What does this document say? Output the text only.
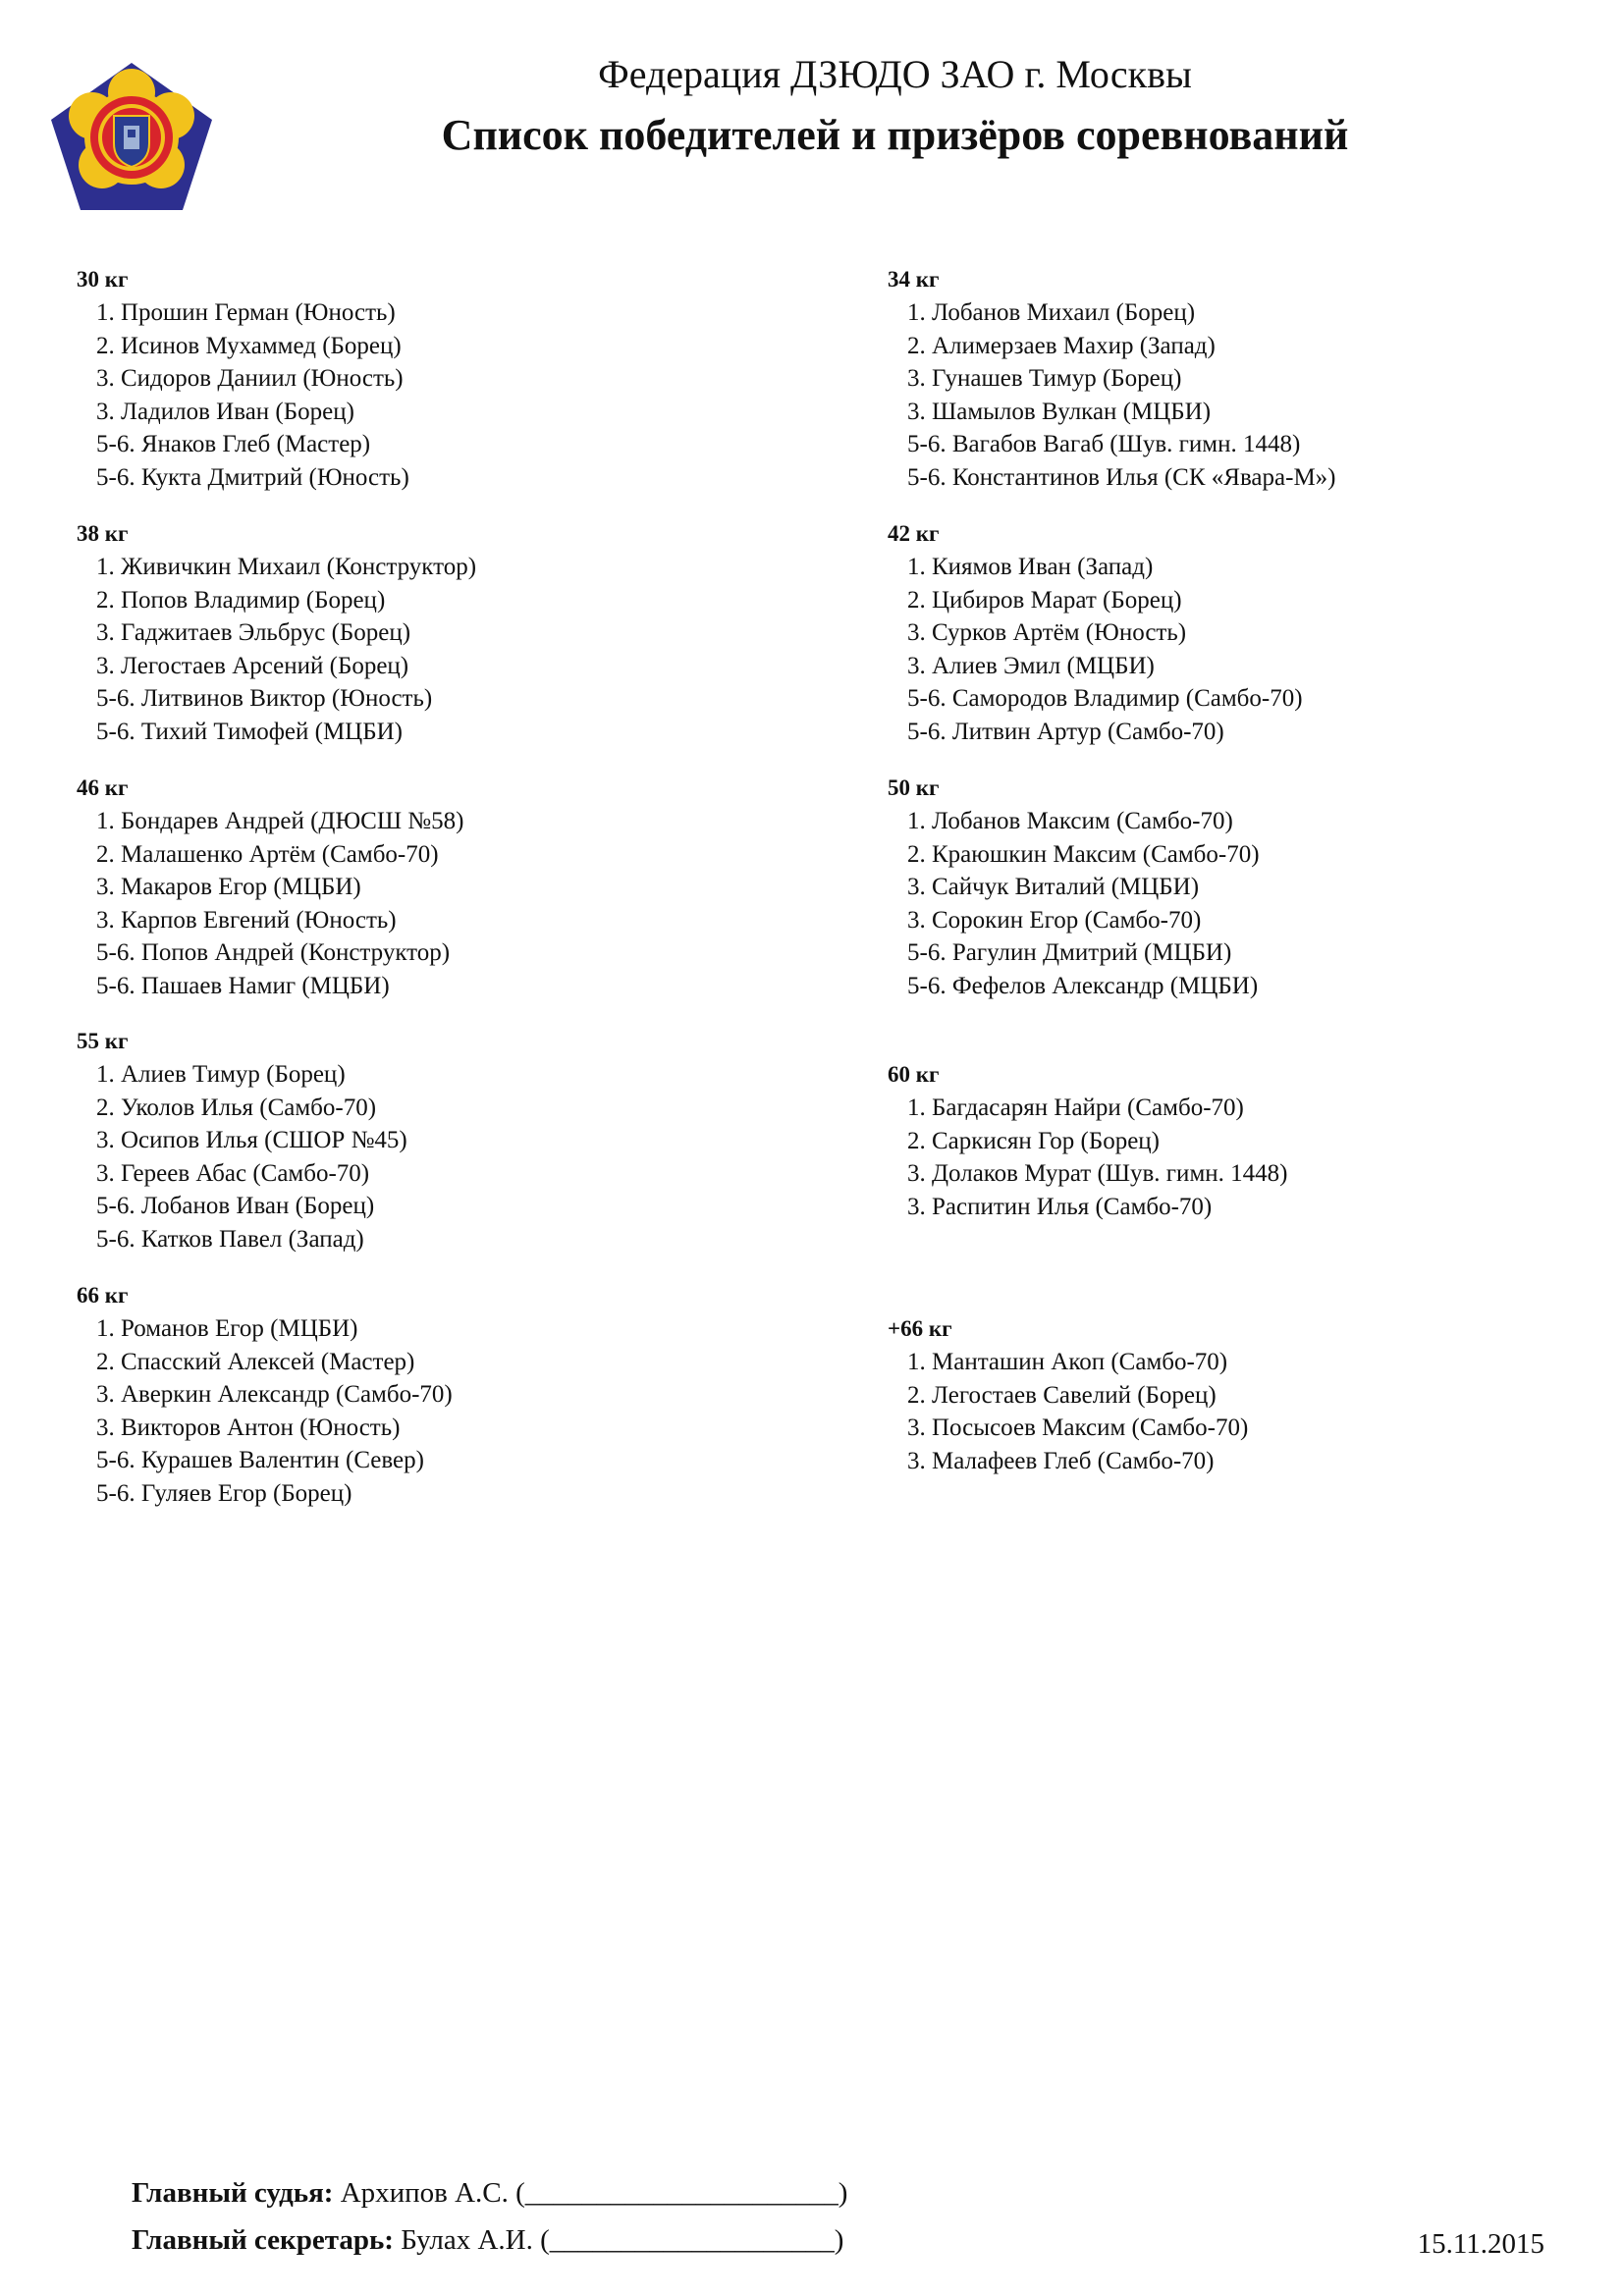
Федерация ДЗЮДО ЗАО г. Москвы
Список победителей и призёров соревнований
30 кг
1. Прошин Герман (Юность)
2. Исинов Мухаммед (Борец)
3. Сидоров Даниил (Юность)
3. Ладилов Иван (Борец)
5-6. Янаков Глеб (Мастер)
5-6. Кукта Дмитрий (Юность)
34 кг
1. Лобанов Михаил (Борец)
2. Алимерзаев Махир (Запад)
3. Гунашев Тимур (Борец)
3. Шамылов Вулкан (МЦБИ)
5-6. Вагабов Вагаб (Шув. гимн. 1448)
5-6. Константинов Илья (СК «Явара-М»)
38 кг
1. Живичкин Михаил (Конструктор)
2. Попов Владимир (Борец)
3. Гаджитаев Эльбрус (Борец)
3. Легостаев Арсений (Борец)
5-6. Литвинов Виктор (Юность)
5-6. Тихий Тимофей (МЦБИ)
42 кг
1. Киямов Иван (Запад)
2. Цибиров Марат (Борец)
3. Сурков Артём (Юность)
3. Алиев Эмил (МЦБИ)
5-6. Самородов Владимир (Самбо-70)
5-6. Литвин Артур (Самбо-70)
46 кг
1. Бондарев Андрей (ДЮСШ №58)
2. Малашенко Артём (Самбо-70)
3. Макаров Егор (МЦБИ)
3. Карпов Евгений (Юность)
5-6. Попов Андрей (Конструктор)
5-6. Пашаев Намиг (МЦБИ)
50 кг
1. Лобанов Максим (Самбо-70)
2. Краюшкин Максим (Самбо-70)
3. Сайчук Виталий (МЦБИ)
3. Сорокин Егор (Самбо-70)
5-6. Рагулин Дмитрий (МЦБИ)
5-6. Фефелов Александр (МЦБИ)
55 кг
1. Алиев Тимур (Борец)
2. Уколов Илья (Самбо-70)
3. Осипов Илья (СШОР №45)
3. Гереев Абас (Самбо-70)
5-6. Лобанов Иван (Борец)
5-6. Катков Павел (Запад)
60 кг
1. Багдасарян Найри (Самбо-70)
2. Саркисян Гор (Борец)
3. Долаков Мурат (Шув. гимн. 1448)
3. Распитин Илья (Самбо-70)
66 кг
1. Романов Егор (МЦБИ)
2. Спасский Алексей (Мастер)
3. Аверкин Александр (Самбо-70)
3. Викторов Антон (Юность)
5-6. Курашев Валентин (Север)
5-6. Гуляев Егор (Борец)
+66 кг
1. Манташин Акоп (Самбо-70)
2. Легостаев Савелий (Борец)
3. Посысоев Максим (Самбо-70)
3. Малафеев Глеб (Самбо-70)
Главный судья: Архипов А.С. (______________________)
Главный секретарь: Булах А.И. (____________________)	15.11.2015
